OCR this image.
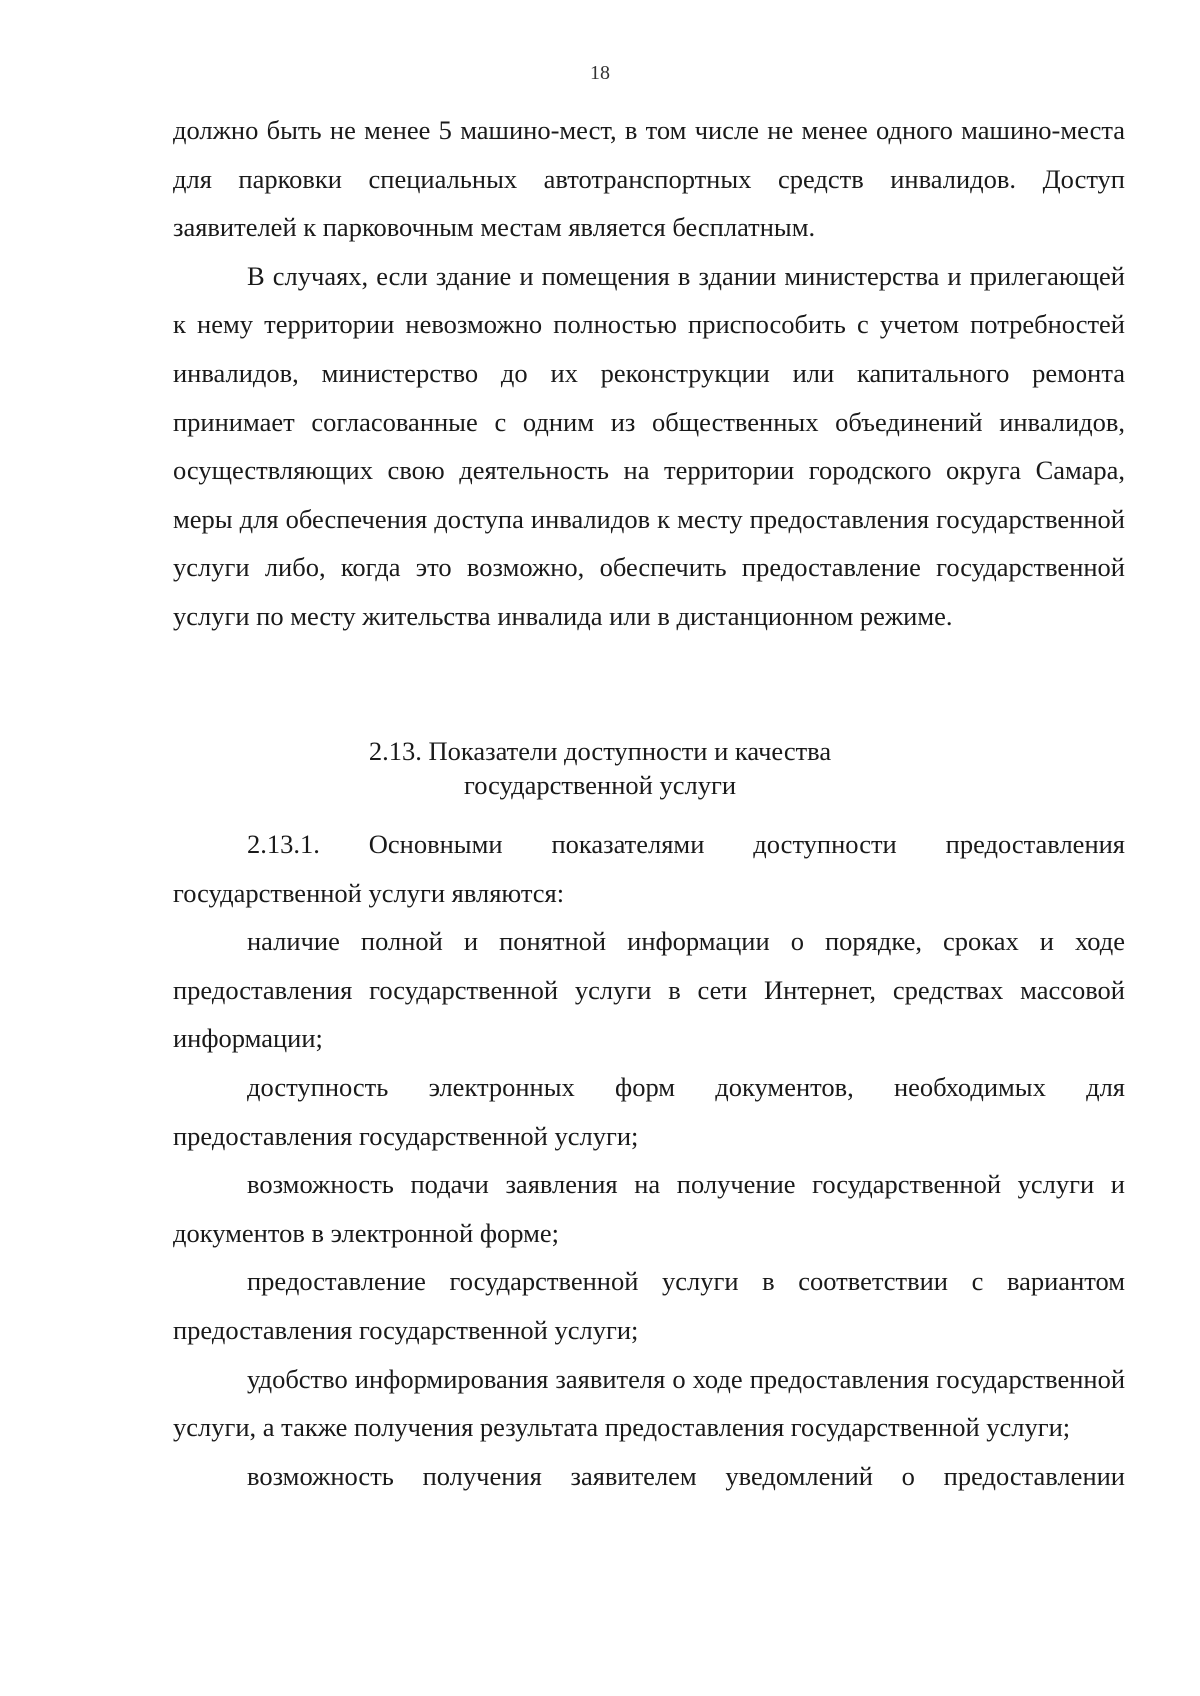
18

должно быть не менее 5 машино-мест, в том числе не менее одного машино-места для парковки специальных автотранспортных средств инвалидов. Доступ заявителей к парковочным местам является бесплатным.

В случаях, если здание и помещения в здании министерства и прилегающей к нему территории невозможно полностью приспособить с учетом потребностей инвалидов, министерство до их реконструкции или капитального ремонта принимает согласованные с одним из общественных объединений инвалидов, осуществляющих свою деятельность на территории городского округа Самара, меры для обеспечения доступа инвалидов к месту предоставления государственной услуги либо, когда это возможно, обеспечить предоставление государственной услуги по месту жительства инвалида или в дистанционном режиме.

2.13. Показатели доступности и качества
государственной услуги

2.13.1. Основными показателями доступности предоставления государственной услуги являются:

наличие полной и понятной информации о порядке, сроках и ходе предоставления государственной услуги в сети Интернет, средствах массовой информации;

доступность электронных форм документов, необходимых для предоставления государственной услуги;

возможность подачи заявления на получение государственной услуги и документов в электронной форме;

предоставление государственной услуги в соответствии с вариантом предоставления государственной услуги;

удобство информирования заявителя о ходе предоставления государственной услуги, а также получения результата предоставления государственной услуги;

возможность получения заявителем уведомлений о предоставлении
